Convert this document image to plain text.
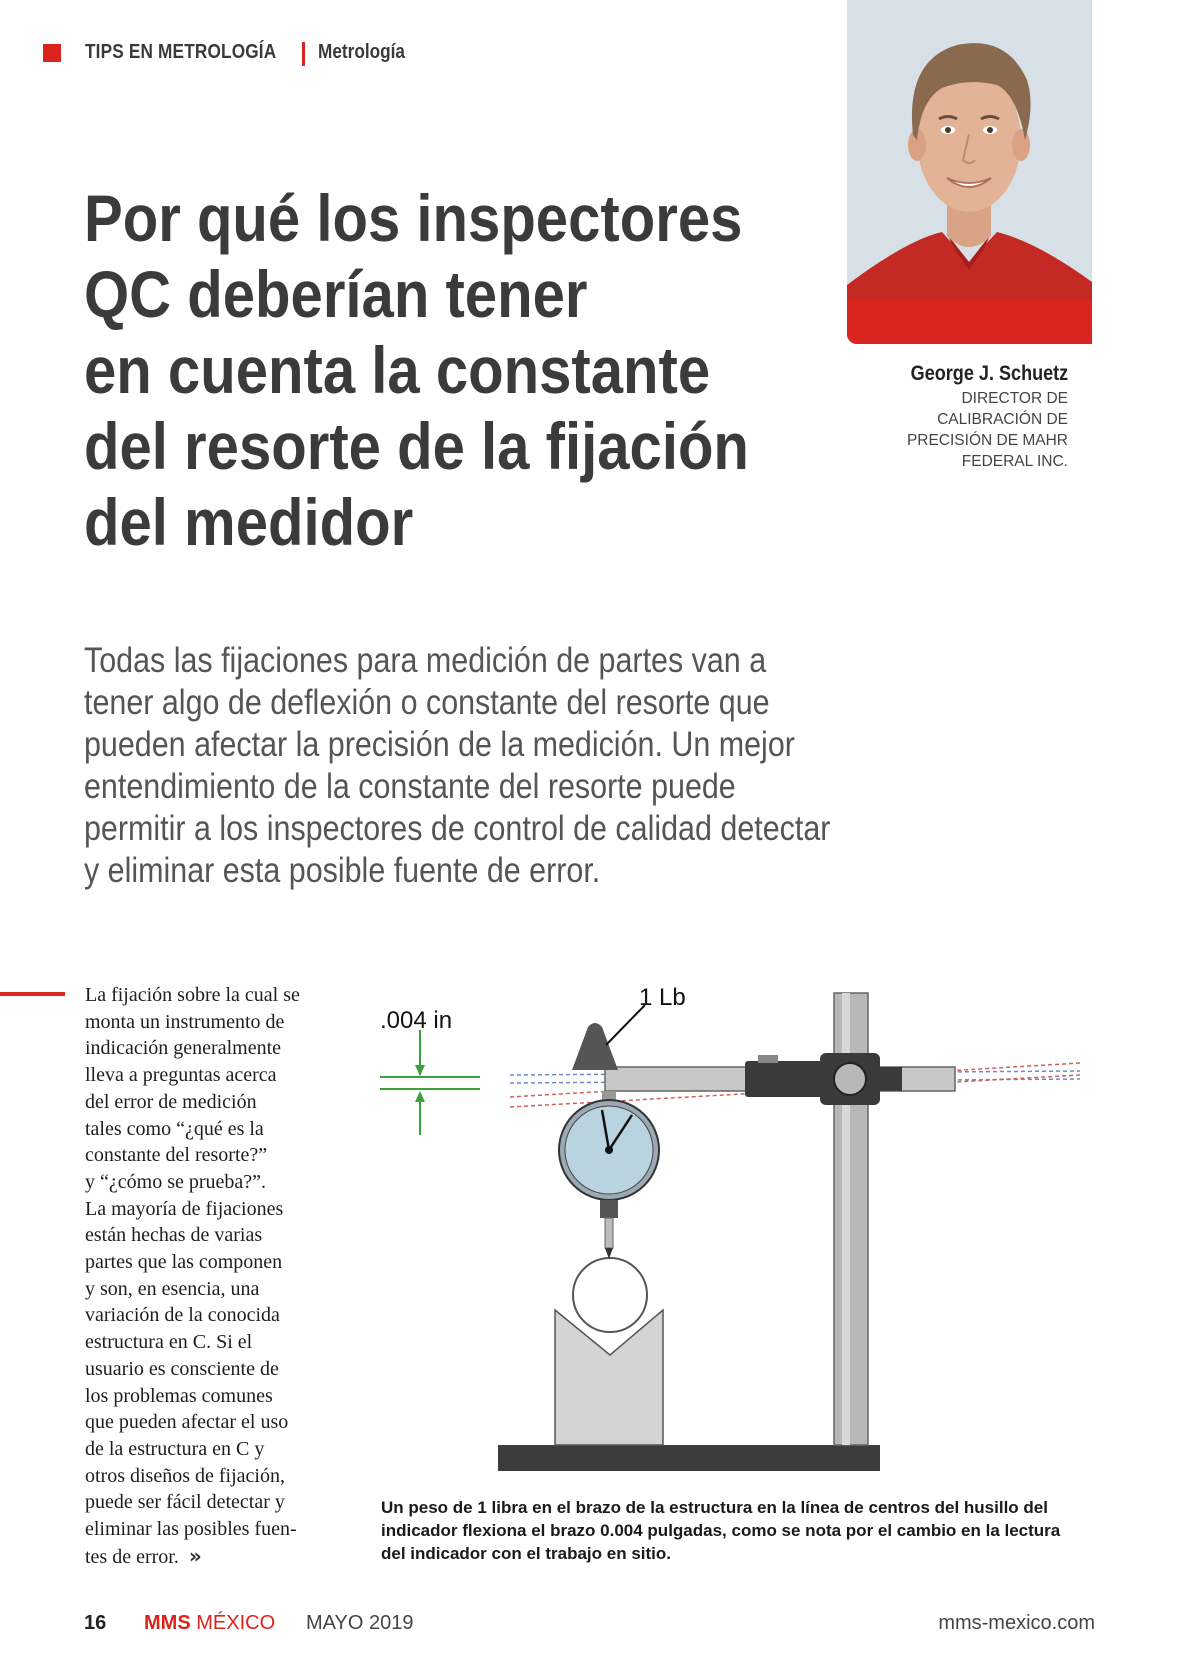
TIPS EN METROLOGÍA Metrología
Por qué los inspectores
QC deberían tener
en cuenta la constante
del resorte de la fijación
del medidor
George J. Schuetz
DIRECTOR DE
CALIBRACIÓN DE
PRECISIÓN DE MAHR
FEDERAL INC.
Todas las fijaciones para medición de partes van a
tener algo de deflexión o constante del resorte que
pueden afectar la precisión de la medición. Un mejor
entendimiento de la constante del resorte puede
permitir a los inspectores de control de calidad detectar
y eliminar esta posible fuente de error.
La fijación sobre la cual se
monta un instrumento de
indicación generalmente
lleva a preguntas acerca
del error de medición
tales como “¿qué es la
constante del resorte?”
y “¿cómo se prueba?”.
La mayoría de fijaciones
están hechas de varias
partes que las componen
y son, en esencia, una
variación de la conocida
estructura en C. Si el
usuario es consciente de
los problemas comunes
que pueden afectar el uso
de la estructura en C y
otros diseños de fijación,
puede ser fácil detectar y
eliminar las posibles fuen-
tes de error. »
.004 in
1 Lb
Un peso de 1 libra en el brazo de la estructura en la línea de centros del husillo del
indicador flexiona el brazo 0.004 pulgadas, como se nota por el cambio en la lectura
del indicador con el trabajo en sitio.
16 MMS MÉXICO MAYO 2019	mms-mexico.com
